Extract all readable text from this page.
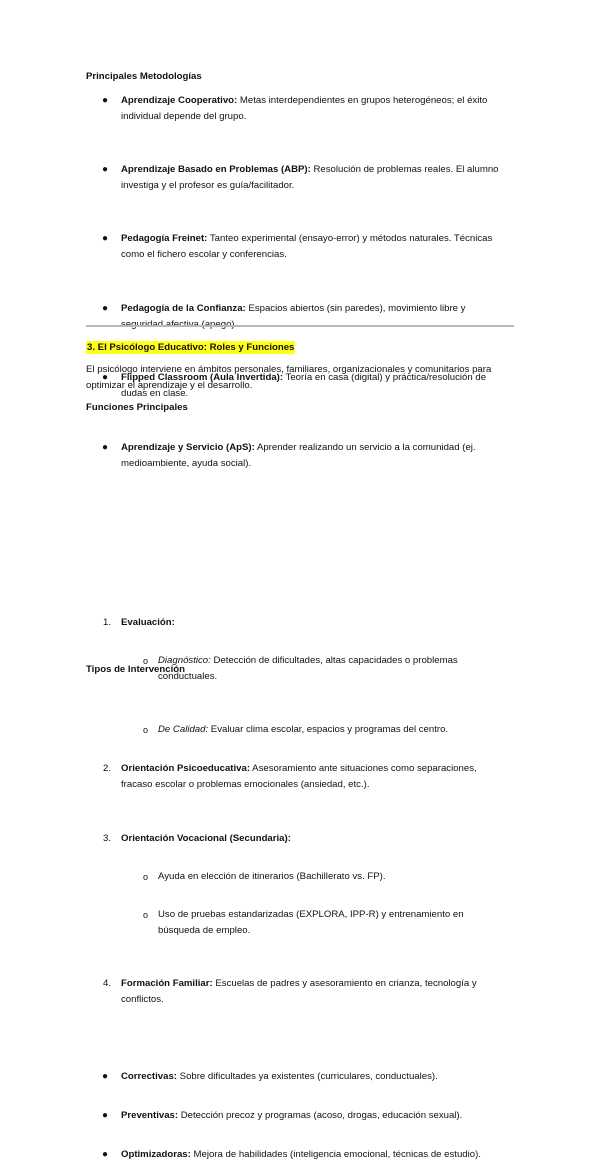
Principales Metodologías
● Aprendizaje Cooperativo: Metas interdependientes en grupos heterogéneos; el éxito
individual depende del grupo.
● Aprendizaje Basado en Problemas (ABP): Resolución de problemas reales. El alumno
investiga y el profesor es guía/facilitador.
● Pedagogía Freinet: Tanteo experimental (ensayo-error) y métodos naturales. Técnicas
como el fichero escolar y conferencias.
● Pedagogía de la Confianza: Espacios abiertos (sin paredes), movimiento libre y

● Flipped Classroom (Aula Invertida): Teoría en casa (digital) y práctica/resolución de
dudas en clase.
● Aprendizaje y Servicio (ApS): Aprender realizando un servicio a la comunidad (ej.
medioambiente, ayuda social).
3. El Psicólogo Educativo: Roles y Funciones
El psicólogo interviene en ámbitos personales, familiares, organizacionales y comunitarios para
optimizar el aprendizaje y el desarrollo.
Funciones Principales
1. Evaluación:
o Diagnóstico: Detección de dificultades, altas capacidades o problemas
conductuales.
o De Calidad: Evaluar clima escolar, espacios y programas del centro.
2. Orientación Psicoeducativa: Asesoramiento ante situaciones como separaciones,
fracaso escolar o problemas emocionales (ansiedad, etc.).
3. Orientación Vocacional (Secundaria):
o Ayuda en elección de itinerarios (Bachillerato vs. FP).
o Uso de pruebas estandarizadas (EXPLORA, IPP-R) y entrenamiento en
búsqueda de empleo.
4. Formación Familiar: Escuelas de padres y asesoramiento en crianza, tecnología y
conflictos.
Tipos de Intervención
● Correctivas: Sobre dificultades ya existentes (curriculares, conductuales).
● Preventivas: Detección precoz y programas (acoso, drogas, educación sexual).
● Optimizadoras: Mejora de habilidades (inteligencia emocional, técnicas de estudio).
